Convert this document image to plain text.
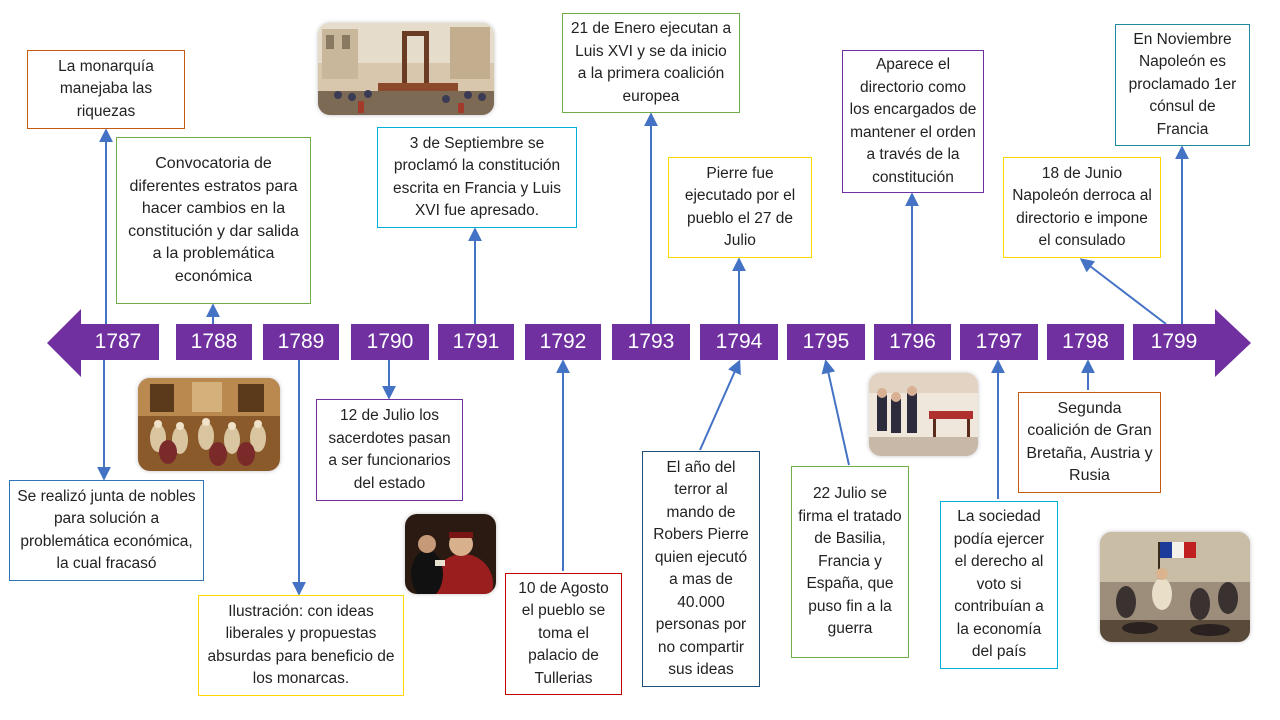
1787	1788	1789	1790	1791	1792	1793	1794	1795	1796	1797	1798	1799
La monarquía manejaba las riquezas
Se realizó junta de nobles para solución a problemática económica, la cual fracasó
Convocatoria de diferentes estratos para hacer cambios en la constitución y dar salida a la problemática económica
Ilustración: con ideas liberales y propuestas absurdas para beneficio de los monarcas.
12 de Julio los sacerdotes pasan a ser funcionarios del estado
3 de Septiembre se proclamó la constitución escrita en Francia y Luis XVI fue apresado.
10 de Agosto el pueblo se toma el palacio de Tullerias
21 de Enero ejecutan a Luis XVI y se da inicio a la primera coalición europea
Pierre fue ejecutado por el pueblo el 27 de Julio
El año del terror al mando de Robers Pierre quien ejecutó a mas de 40.000 personas por no compartir sus ideas
22 Julio se firma el tratado de Basilia, Francia y España, que puso fin a la guerra
Aparece el directorio como los encargados de mantener el orden a través de la constitución
La sociedad podía ejercer el derecho al voto si contribuían a la economía del país
18 de Junio Napoleón derroca al directorio e impone el consulado
Segunda coalición de Gran Bretaña, Austria y Rusia
En Noviembre Napoleón es proclamado 1er cónsul de Francia
